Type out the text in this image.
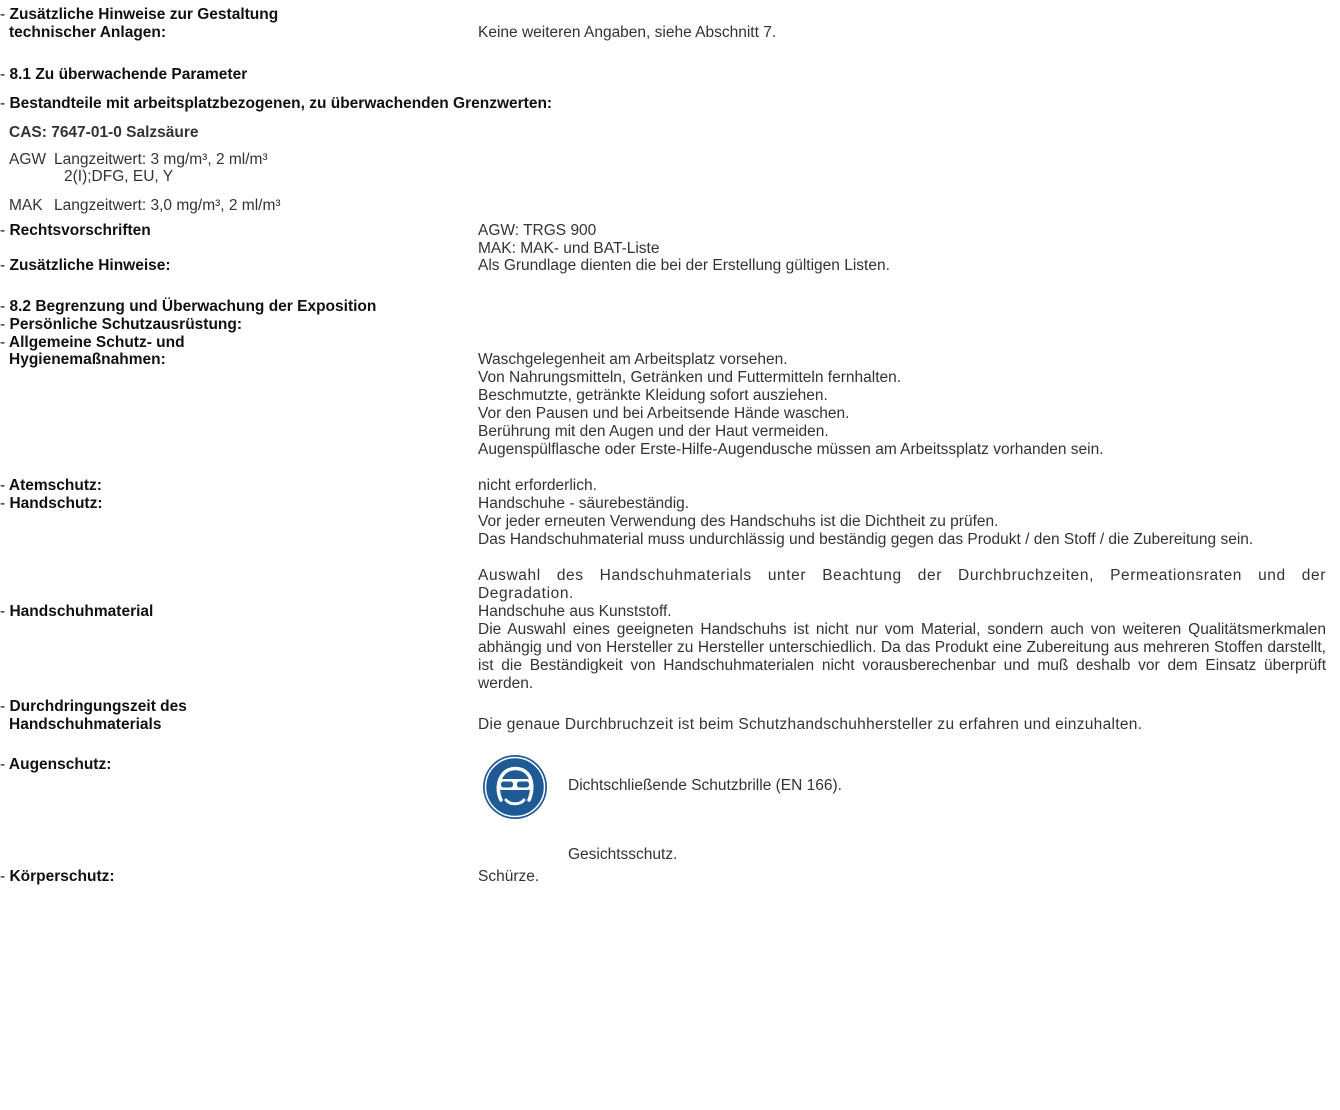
- Zusätzliche Hinweise zur Gestaltung
technischer Anlagen:	Keine weiteren Angaben, siehe Abschnitt 7.
- 8.1 Zu überwachende Parameter
- Bestandteile mit arbeitsplatzbezogenen, zu überwachenden Grenzwerten:
CAS: 7647-01-0 Salzsäure
AGW Langzeitwert: 3 mg/m³, 2 ml/m³
2(I);DFG, EU, Y
MAK Langzeitwert: 3,0 mg/m³, 2 ml/m³
- Rechtsvorschriften	AGW: TRGS 900
MAK: MAK- und BAT-Liste
- Zusätzliche Hinweise:	Als Grundlage dienten die bei der Erstellung gültigen Listen.
- 8.2 Begrenzung und Überwachung der Exposition
- Persönliche Schutzausrüstung:
- Allgemeine Schutz- und
Hygienemaßnahmen:	Waschgelegenheit am Arbeitsplatz vorsehen.
Von Nahrungsmitteln, Getränken und Futtermitteln fernhalten.
Beschmutzte, getränkte Kleidung sofort ausziehen.
Vor den Pausen und bei Arbeitsende Hände waschen.
Berührung mit den Augen und der Haut vermeiden.
Augenspülflasche oder Erste-Hilfe-Augendusche müssen am Arbeitssplatz vorhanden sein.
- Atemschutz:	nicht erforderlich.
- Handschutz:	Handschuhe - säurebeständig.
Vor jeder erneuten Verwendung des Handschuhs ist die Dichtheit zu prüfen.
Das Handschuhmaterial muss undurchlässig und beständig gegen das Produkt / den Stoff / die Zubereitung sein.
Auswahl des Handschuhmaterials unter Beachtung der Durchbruchzeiten, Permeationsraten und der Degradation.
- Handschuhmaterial	Handschuhe aus Kunststoff.
Die Auswahl eines geeigneten Handschuhs ist nicht nur vom Material, sondern auch von weiteren Qualitätsmerkmalen abhängig und von Hersteller zu Hersteller unterschiedlich. Da das Produkt eine Zubereitung aus mehreren Stoffen darstellt, ist die Beständigkeit von Handschuhmaterialen nicht vorausberechenbar und muß deshalb vor dem Einsatz überprüft werden.
- Durchdringungszeit des
Handschuhmaterials	Die genaue Durchbruchzeit ist beim Schutzhandschuhhersteller zu erfahren und einzuhalten.
- Augenschutz:
Dichtschließende Schutzbrille (EN 166).
Gesichtsschutz.
- Körperschutz:	Schürze.
